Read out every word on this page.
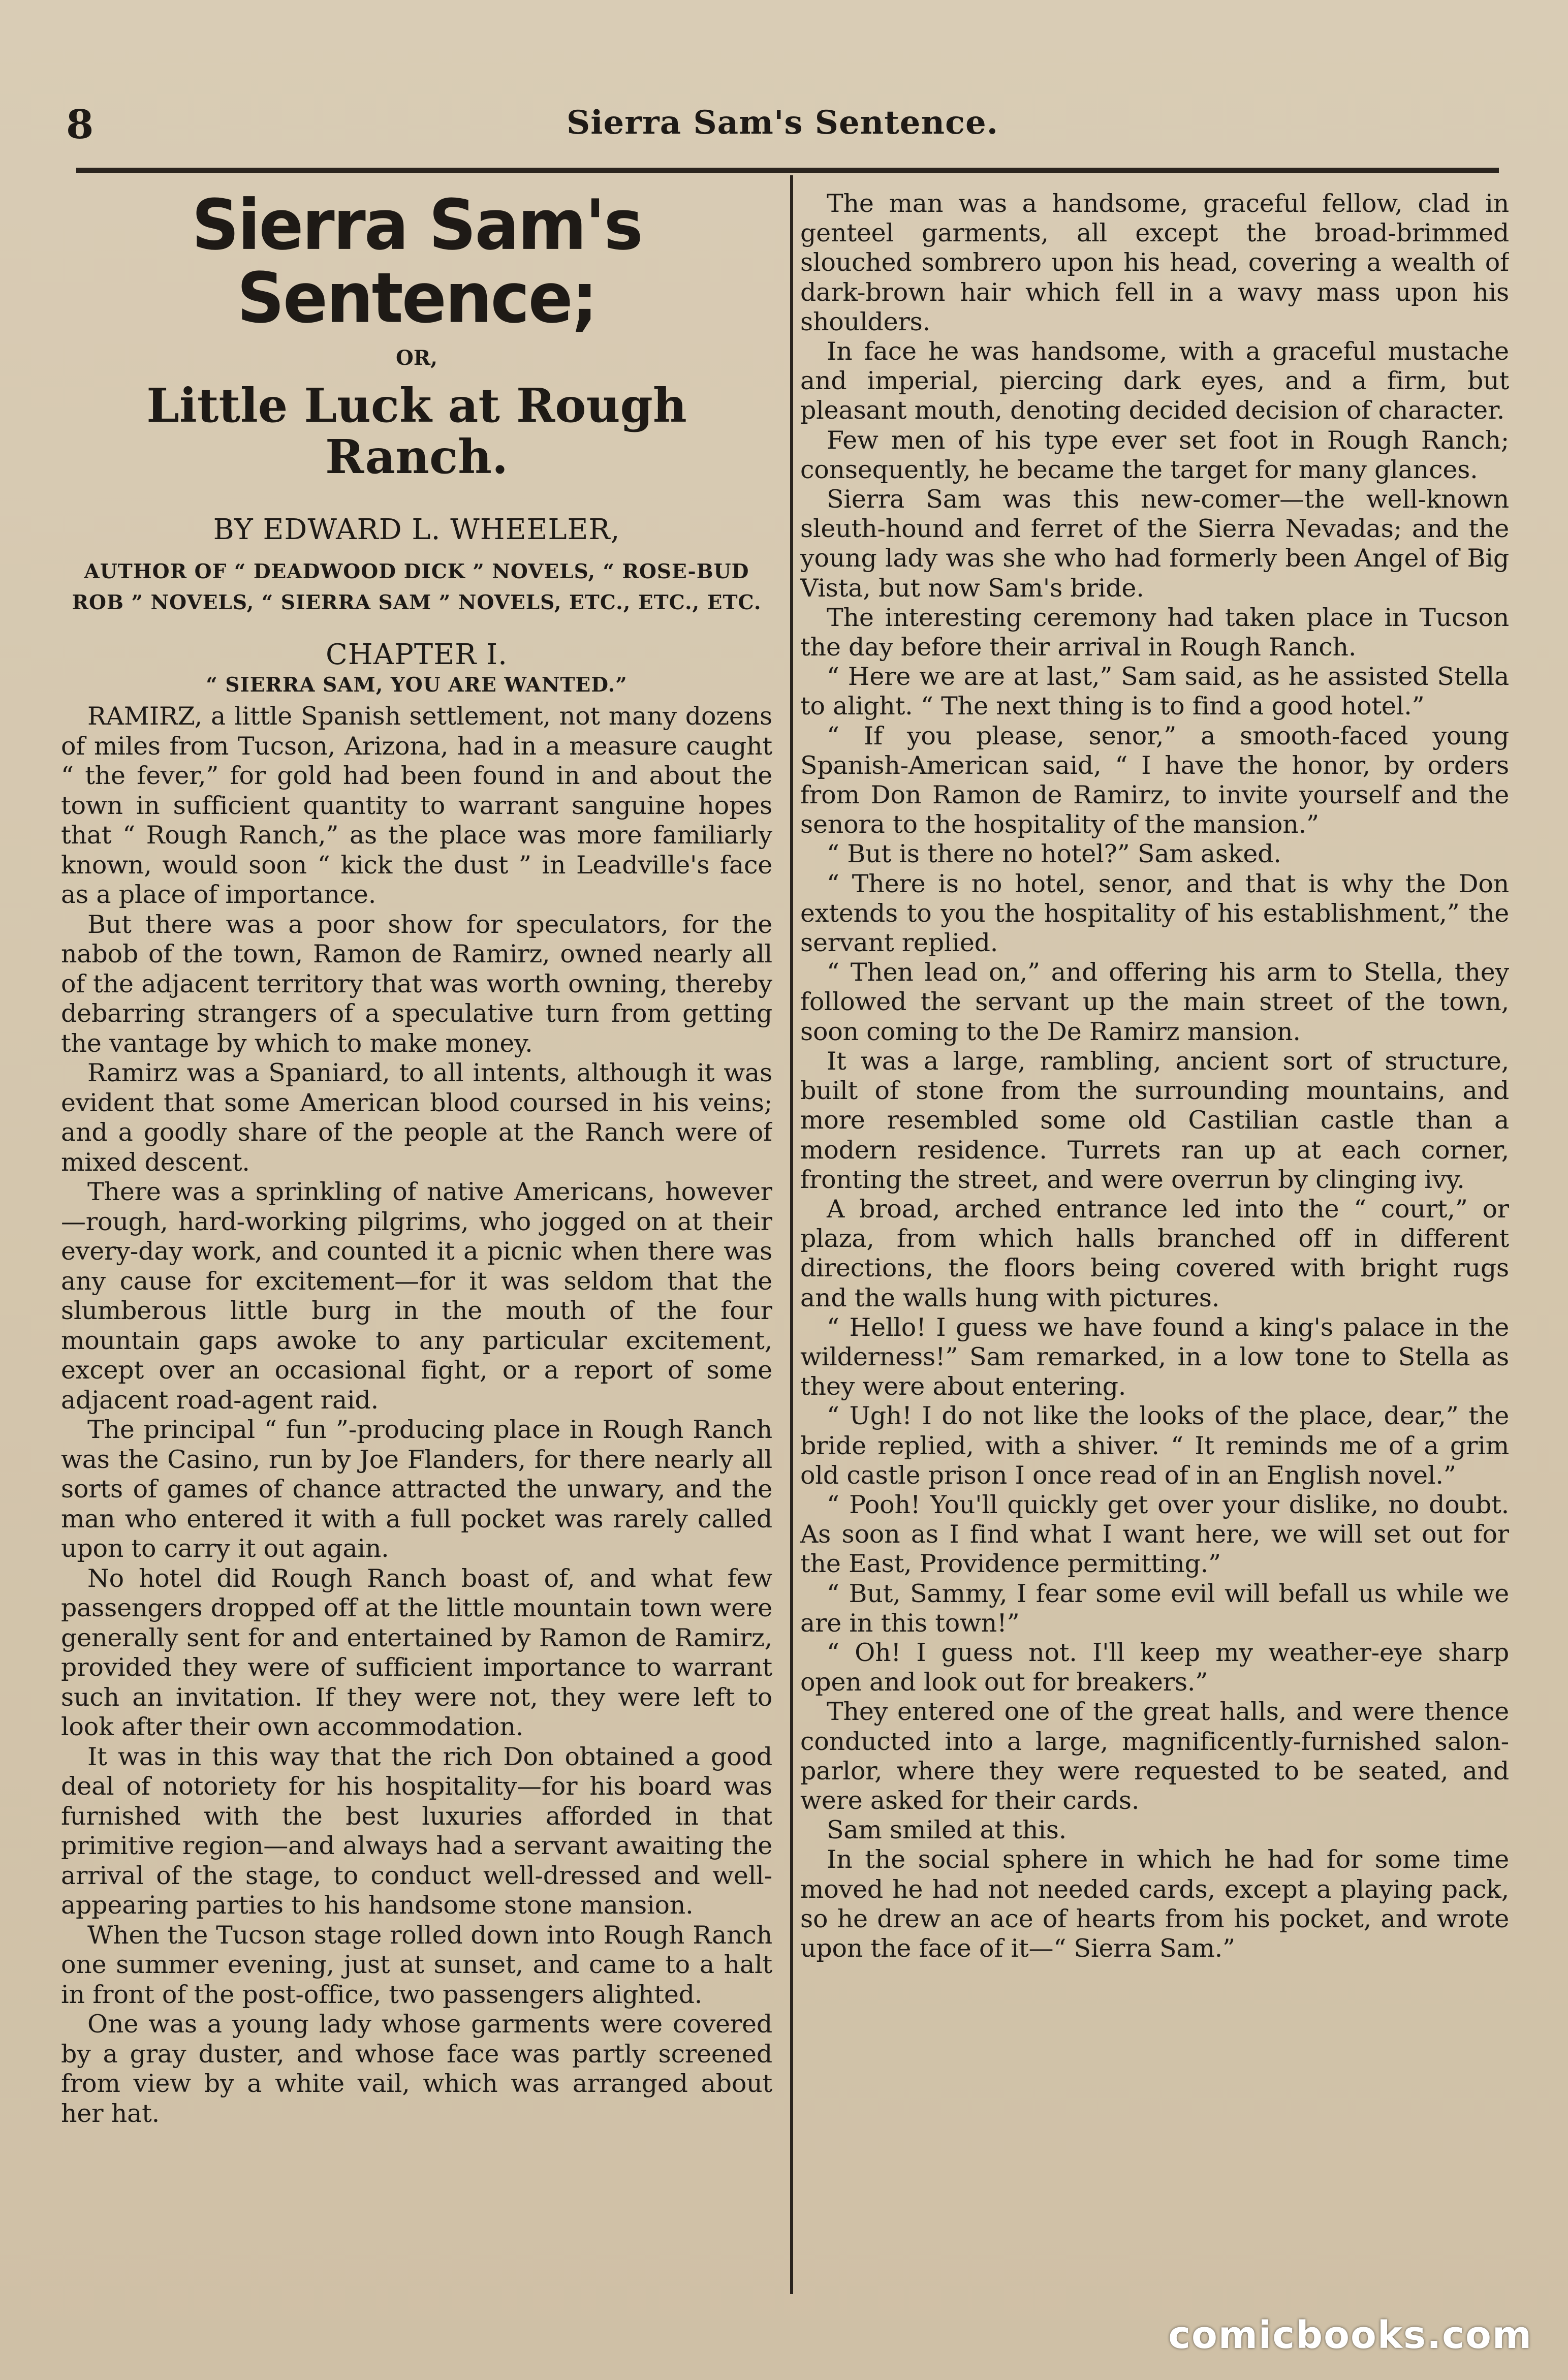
8	Sierra Sam's Sentence.
Sierra Sam's Sentence;
OR,
Little Luck at Rough Ranch.
BY EDWARD L. WHEELER,
AUTHOR OF “ DEADWOOD DICK ” NOVELS, “ ROSE-BUD ROB ” NOVELS, “ SIERRA SAM ” NOVELS, ETC., ETC., ETC.
CHAPTER I.
“ SIERRA SAM, YOU ARE WANTED.”

RAMIRZ, a little Spanish settlement, not many dozens of miles from Tucson, Arizona, had in a measure caught “ the fever,” for gold had been found in and about the town in sufficient quantity to warrant sanguine hopes that “ Rough Ranch,” as the place was more familiarly known, would soon “ kick the dust ” in Leadville's face as a place of importance.

But there was a poor show for speculators, for the nabob of the town, Ramon de Ramirz, owned nearly all of the adjacent territory that was worth owning, thereby debarring strangers of a speculative turn from getting the vantage by which to make money.

Ramirz was a Spaniard, to all intents, although it was evident that some American blood coursed in his veins; and a goodly share of the people at the Ranch were of mixed descent.

There was a sprinkling of native Americans, however—rough, hard-working pilgrims, who jogged on at their every-day work, and counted it a picnic when there was any cause for excitement—for it was seldom that the slumberous little burg in the mouth of the four mountain gaps awoke to any particular excitement, except over an occasional fight, or a report of some adjacent road-agent raid.

The principal “ fun ”-producing place in Rough Ranch was the Casino, run by Joe Flanders, for there nearly all sorts of games of chance attracted the unwary, and the man who entered it with a full pocket was rarely called upon to carry it out again.

No hotel did Rough Ranch boast of, and what few passengers dropped off at the little mountain town were generally sent for and entertained by Ramon de Ramirz, provided they were of sufficient importance to warrant such an invitation. If they were not, they were left to look after their own accommodation.

It was in this way that the rich Don obtained a good deal of notoriety for his hospitality—for his board was furnished with the best luxuries afforded in that primitive region—and always had a servant awaiting the arrival of the stage, to conduct well-dressed and well-appearing parties to his handsome stone mansion.

When the Tucson stage rolled down into Rough Ranch one summer evening, just at sunset, and came to a halt in front of the post-office, two passengers alighted.

One was a young lady whose garments were covered by a gray duster, and whose face was partly screened from view by a white vail, which was arranged about her hat.

The man was a handsome, graceful fellow, clad in genteel garments, all except the broad-brimmed slouched sombrero upon his head, covering a wealth of dark-brown hair which fell in a wavy mass upon his shoulders.

In face he was handsome, with a graceful mustache and imperial, piercing dark eyes, and a firm, but pleasant mouth, denoting decided decision of character.

Few men of his type ever set foot in Rough Ranch; consequently, he became the target for many glances.

Sierra Sam was this new-comer—the well-known sleuth-hound and ferret of the Sierra Nevadas; and the young lady was she who had formerly been Angel of Big Vista, but now Sam's bride.

The interesting ceremony had taken place in Tucson the day before their arrival in Rough Ranch.

“ Here we are at last,” Sam said, as he assisted Stella to alight. “ The next thing is to find a good hotel.”

“ If you please, senor,” a smooth-faced young Spanish-American said, “ I have the honor, by orders from Don Ramon de Ramirz, to invite yourself and the senora to the hospitality of the mansion.”

“ But is there no hotel?” Sam asked.

“ There is no hotel, senor, and that is why the Don extends to you the hospitality of his establishment,” the servant replied.

“ Then lead on,” and offering his arm to Stella, they followed the servant up the main street of the town, soon coming to the De Ramirz mansion.

It was a large, rambling, ancient sort of structure, built of stone from the surrounding mountains, and more resembled some old Castilian castle than a modern residence. Turrets ran up at each corner, fronting the street, and were overrun by clinging ivy.

A broad, arched entrance led into the “ court,” or plaza, from which halls branched off in different directions, the floors being covered with bright rugs and the walls hung with pictures.

“ Hello! I guess we have found a king's palace in the wilderness!” Sam remarked, in a low tone to Stella as they were about entering.

“ Ugh! I do not like the looks of the place, dear,” the bride replied, with a shiver. “ It reminds me of a grim old castle prison I once read of in an English novel.”

“ Pooh! You'll quickly get over your dislike, no doubt. As soon as I find what I want here, we will set out for the East, Providence permitting.”

“ But, Sammy, I fear some evil will befall us while we are in this town!”

“ Oh! I guess not. I'll keep my weather-eye sharp open and look out for breakers.”

They entered one of the great halls, and were thence conducted into a large, magnificently-furnished salon-parlor, where they were requested to be seated, and were asked for their cards.

Sam smiled at this.

In the social sphere in which he had for some time moved he had not needed cards, except a playing pack, so he drew an ace of hearts from his pocket, and wrote upon the face of it—“ Sierra Sam.”

comicbooks.com
